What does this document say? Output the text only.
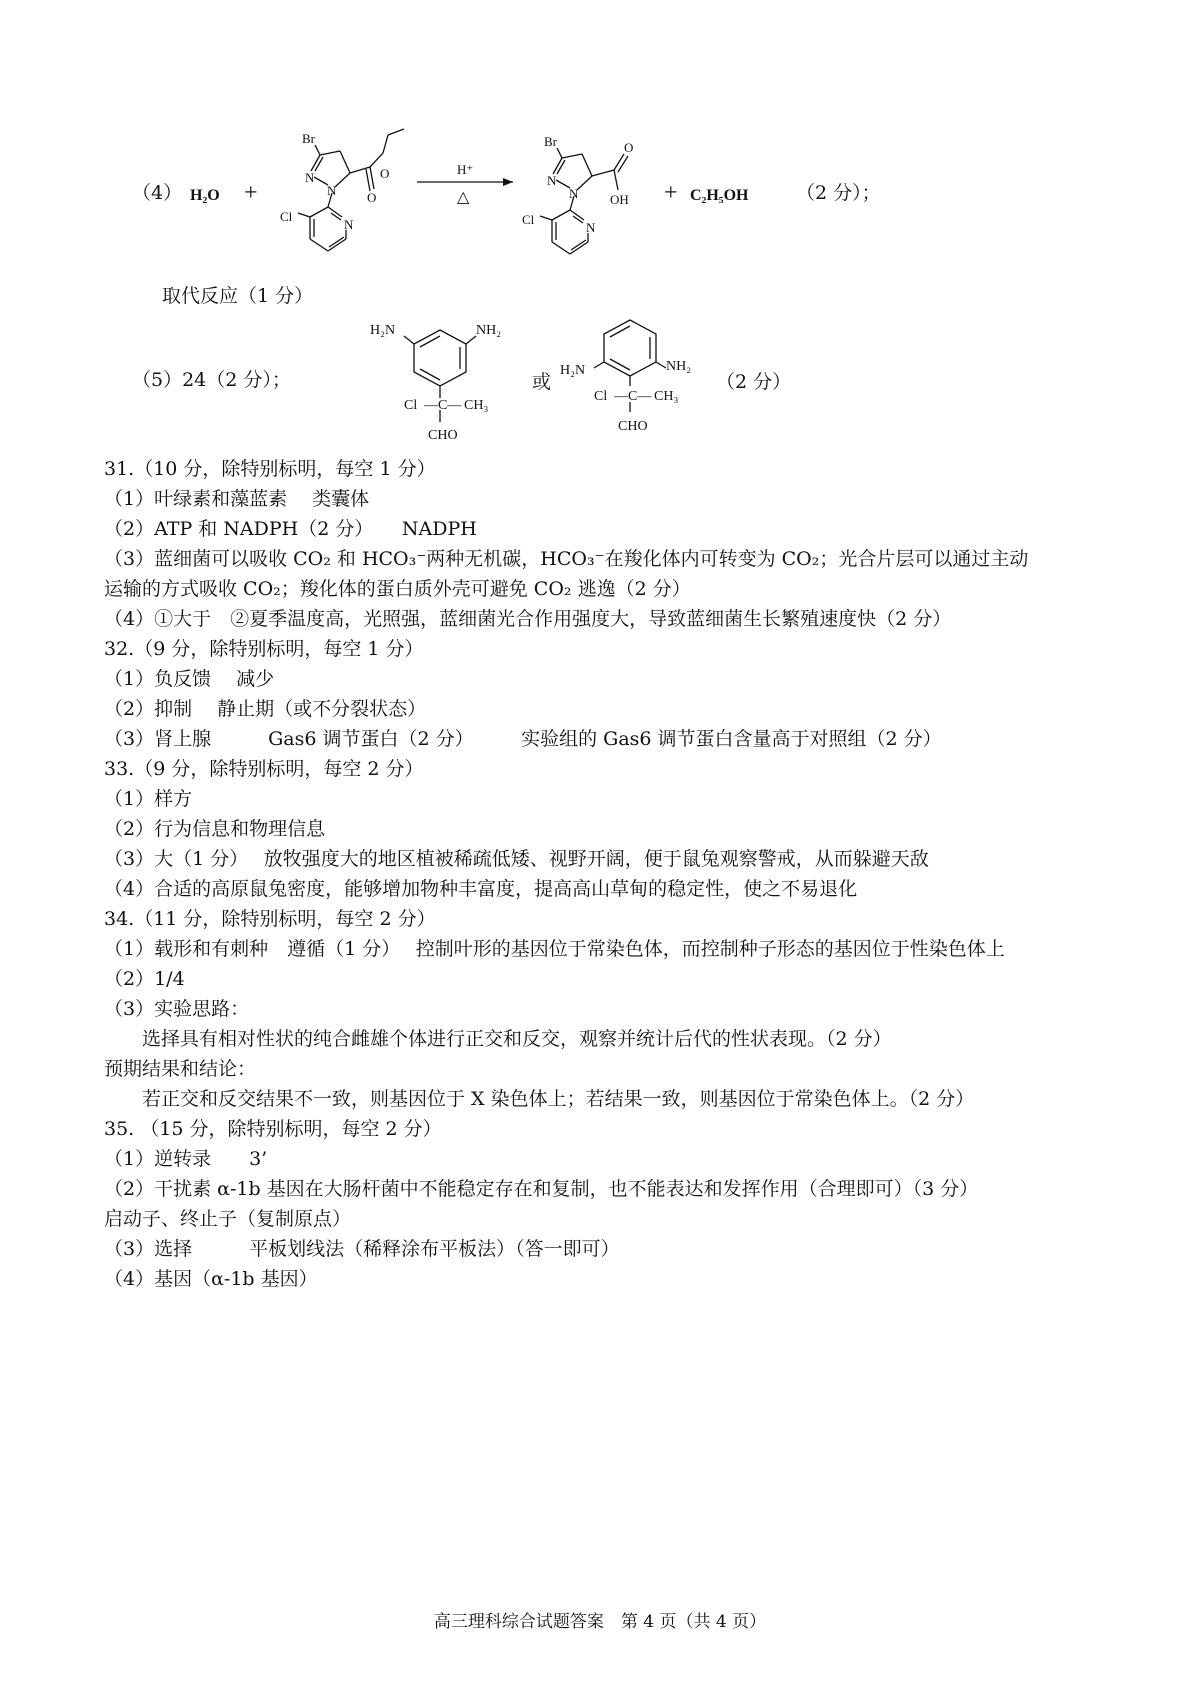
（4） H₂O +
Br
N
N
O
O
Cl
N
H⁺
△
Br
N
N
O
OH
Cl
N
+ C₂H₅OH	（2 分）；
取代反应（1 分）
（5）24（2 分）；
H₂N	NH₂
Cl —C— CH₃
CHO
或
H₂N	NH₂
Cl —C— CH₃
CHO
（2 分）
31.（10 分，除特别标明，每空 1 分）
（1）叶绿素和藻蓝素　 类囊体
（2）ATP 和 NADPH（2 分）　　NADPH
（3）蓝细菌可以吸收 CO₂ 和 HCO₃⁻两种无机碳，HCO₃⁻在羧化体内可转变为 CO₂；光合片层可以通过主动
运输的方式吸收 CO₂；羧化体的蛋白质外壳可避免 CO₂ 逃逸（2 分）
（4）①大于　②夏季温度高，光照强，蓝细菌光合作用强度大，导致蓝细菌生长繁殖速度快（2 分）
32.（9 分，除特别标明，每空 1 分）
（1）负反馈　 减少
（2）抑制　 静止期（或不分裂状态）
（3）肾上腺　　　Gas6 调节蛋白（2 分）　　　实验组的 Gas6 调节蛋白含量高于对照组（2 分）
33.（9 分，除特别标明，每空 2 分）
（1）样方
（2）行为信息和物理信息
（3）大（1 分）　 放牧强度大的地区植被稀疏低矮、视野开阔，便于鼠兔观察警戒，从而躲避天敌
（4）合适的高原鼠兔密度，能够增加物种丰富度，提高高山草甸的稳定性，使之不易退化
34.（11 分，除特别标明，每空 2 分）
（1）载形和有刺种　遵循（1 分）　 控制叶形的基因位于常染色体，而控制种子形态的基因位于性染色体上
（2）1/4
（3）实验思路：
　　选择具有相对性状的纯合雌雄个体进行正交和反交，观察并统计后代的性状表现。（2 分）
预期结果和结论：
　　若正交和反交结果不一致，则基因位于 X 染色体上；若结果一致，则基因位于常染色体上。（2 分）
35. （15 分，除特别标明，每空 2 分）
（1）逆转录　　3’
（2）干扰素 α-1b 基因在大肠杆菌中不能稳定存在和复制，也不能表达和发挥作用（合理即可）（3 分）
启动子、终止子（复制原点）
（3）选择　　　平板划线法（稀释涂布平板法）（答一即可）
（4）基因（α-1b 基因）
高三理科综合试题答案　第 4 页（共 4 页）
